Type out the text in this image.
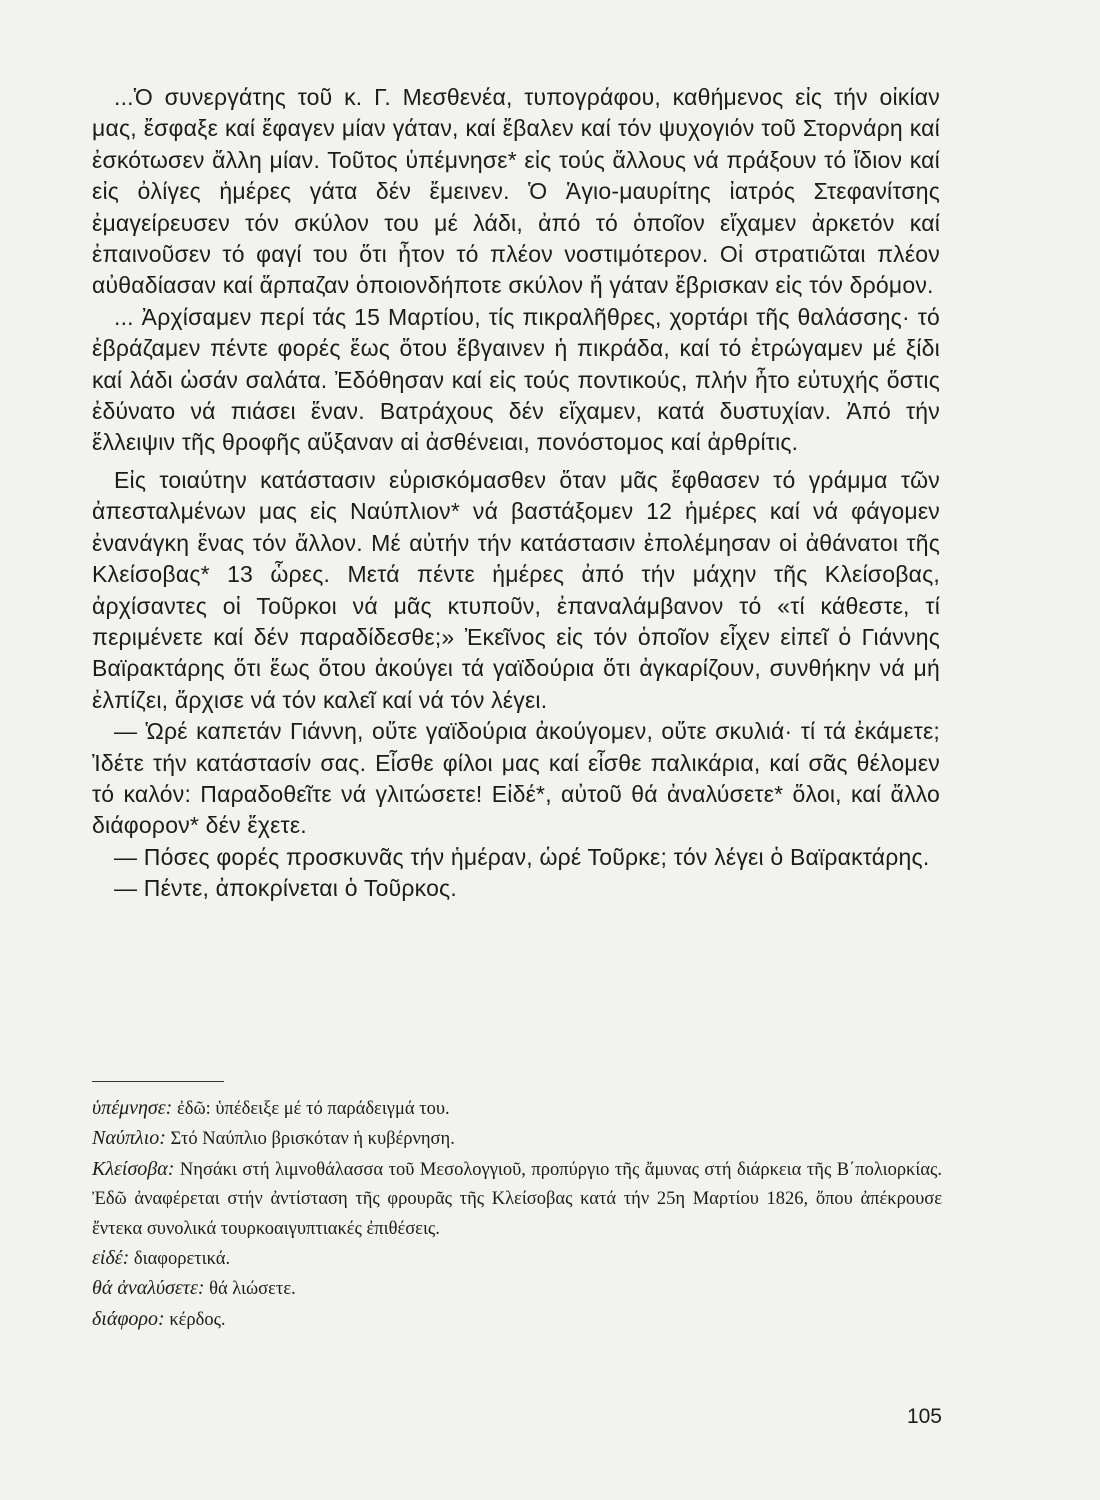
...Ὁ συνεργάτης τοῦ κ. Γ. Μεσθενέα, τυπογράφου, καθήμενος εἰς τήν οἰκίαν μας, ἔσφαξε καί ἔφαγεν μίαν γάταν, καί ἔβαλεν καί τόν ψυχογιόν τοῦ Στορνάρη καί ἐσκότωσεν ἄλλη μίαν. Τοῦτος ὑπέμνησε* εἰς τούς ἄλλους νά πράξουν τό ἴδιον καί εἰς ὀλίγες ἡμέρες γάτα δέν ἔμεινεν. Ὁ Ἁγιο-μαυρίτης ἰατρός Στεφανίτσης ἐμαγείρευσεν τόν σκύλον του μέ λάδι, ἀπό τό ὁποῖον εἴχαμεν ἀρκετόν καί ἐπαινοῦσεν τό φαγί του ὅτι ἦτον τό πλέον νοστιμότερον. Οἱ στρατιῶται πλέον αὐθαδίασαν καί ἅρπαζαν ὁποιονδήποτε σκύλον ἤ γάταν ἔβρισκαν εἰς τόν δρόμον.

... Ἀρχίσαμεν περί τάς 15 Μαρτίου, τίς πικραλῆθρες, χορτάρι τῆς θαλάσσης· τό ἐβράζαμεν πέντε φορές ἕως ὅτου ἔβγαινεν ἡ πικράδα, καί τό ἐτρώγαμεν μέ ξίδι καί λάδι ὡσάν σαλάτα. Ἐδόθησαν καί εἰς τούς ποντικούς, πλήν ἦτο εὐτυχής ὅστις ἐδύνατο νά πιάσει ἕναν. Βατράχους δέν εἴχαμεν, κατά δυστυχίαν. Ἀπό τήν ἔλλειψιν τῆς θροφῆς αὔξαναν αἱ ἀσθένειαι, πονόστομος καί ἀρθρίτις.

Εἰς τοιαύτην κατάστασιν εὑρισκόμασθεν ὅταν μᾶς ἔφθασεν τό γράμμα τῶν ἀπεσταλμένων μας εἰς Ναύπλιον* νά βαστάξομεν 12 ἡμέρες καί νά φάγομεν ἐνανάγκη ἕνας τόν ἄλλον. Μέ αὐτήν τήν κατάστασιν ἐπολέμησαν οἱ ἀθάνατοι τῆς Κλείσοβας* 13 ὧρες. Μετά πέντε ἡμέρες ἀπό τήν μάχην τῆς Κλείσοβας, ἀρχίσαντες οἱ Τοῦρκοι νά μᾶς κτυποῦν, ἐπαναλάμβανον τό «τί κάθεστε, τί περιμένετε καί δέν παραδίδεσθε;» Ἐκεῖνος εἰς τόν ὁποῖον εἶχεν εἰπεῖ ὁ Γιάννης Βαϊρακτάρης ὅτι ἕως ὅτου ἀκούγει τά γαϊδούρια ὅτι ἀγκαρίζουν, συνθήκην νά μή ἐλπίζει, ἄρχισε νά τόν καλεῖ καί νά τόν λέγει.

— Ὡρέ καπετάν Γιάννη, οὔτε γαϊδούρια ἀκούγομεν, οὔτε σκυλιά· τί τά ἐκάμετε; Ἰδέτε τήν κατάστασίν σας. Εἶσθε φίλοι μας καί εἶσθε παλικάρια, καί σᾶς θέλομεν τό καλόν: Παραδοθεῖτε νά γλιτώσετε! Εἰδέ*, αὐτοῦ θά ἀναλύσετε* ὅλοι, καί ἄλλο διάφορον* δέν ἔχετε.

— Πόσες φορές προσκυνᾶς τήν ἡμέραν, ὡρέ Τοῦρκε; τόν λέγει ὁ Βαϊρακτάρης.

— Πέντε, ἀποκρίνεται ὁ Τοῦρκος.

ὑπέμνησε: ἐδῶ: ὑπέδειξε μέ τό παράδειγμά του.

Ναύπλιο: Στό Ναύπλιο βρισκόταν ἡ κυβέρνηση.

Κλείσοβα: Νησάκι στή λιμνοθάλασσα τοῦ Μεσολογγιοῦ, προπύργιο τῆς ἄμυνας στή διάρκεια τῆς Β΄πολιορκίας. Ἐδῶ ἀναφέρεται στήν ἀντίσταση τῆς φρουρᾶς τῆς Κλείσοβας κατά τήν 25η Μαρτίου 1826, ὅπου ἀπέκρουσε ἔντεκα συνολικά τουρκοαιγυπτιακές ἐπιθέσεις.

εἰδέ: διαφορετικά.

θά ἀναλύσετε: θά λιώσετε.

διάφορο: κέρδος.

105
